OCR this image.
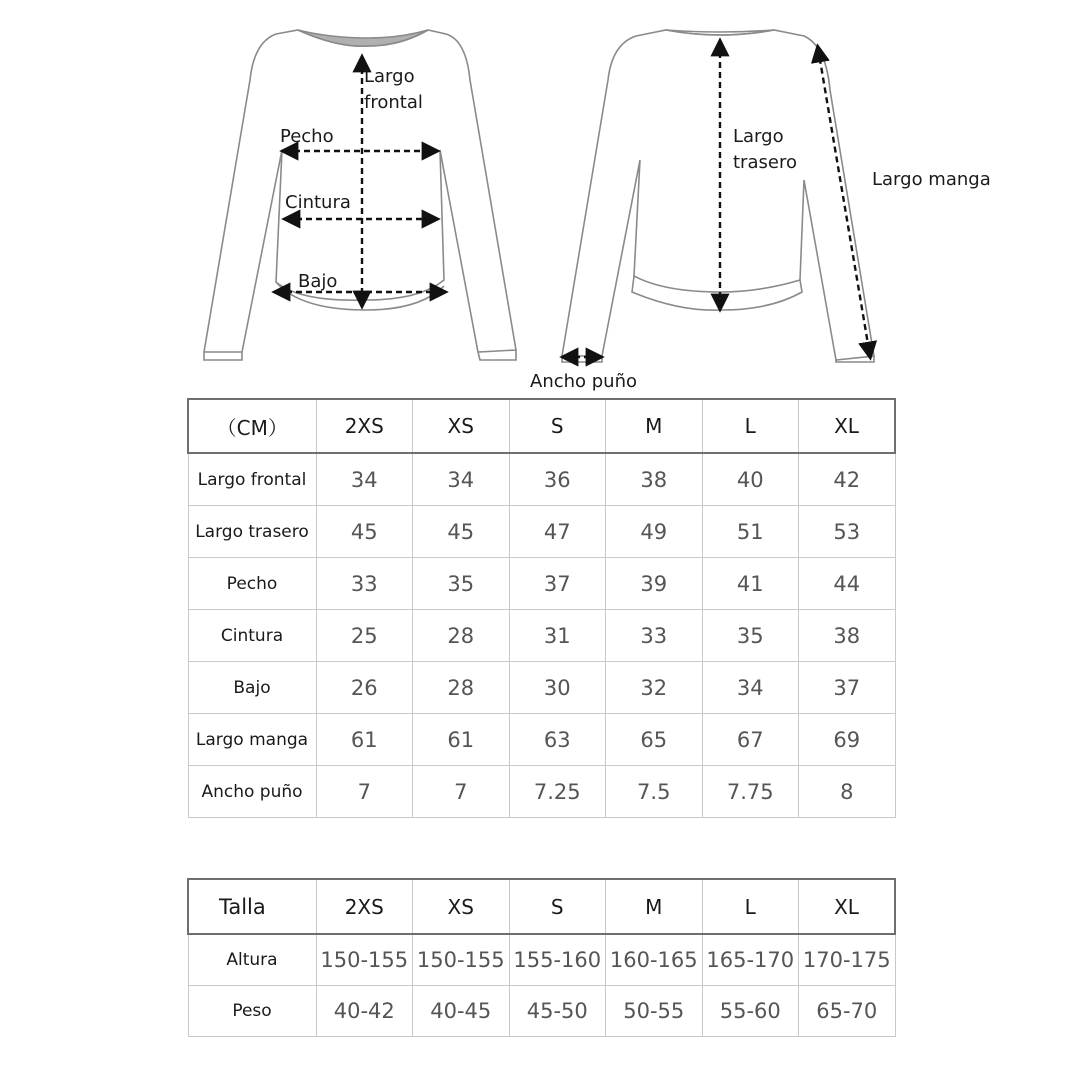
Largo frontal
Pecho
Cintura
Bajo
Largo trasero
Largo manga
Ancho puño
（CM）	2XS	XS	S	M	L	XL
Largo frontal	34	34	36	38	40	42
Largo trasero	45	45	47	49	51	53
Pecho	33	35	37	39	41	44
Cintura	25	28	31	33	35	38
Bajo	26	28	30	32	34	37
Largo manga	61	61	63	65	67	69
Ancho puño	7	7	7.25	7.5	7.75	8
Talla	2XS	XS	S	M	L	XL
Altura	150-155	150-155	155-160	160-165	165-170	170-175
Peso	40-42	40-45	45-50	50-55	55-60	65-70
